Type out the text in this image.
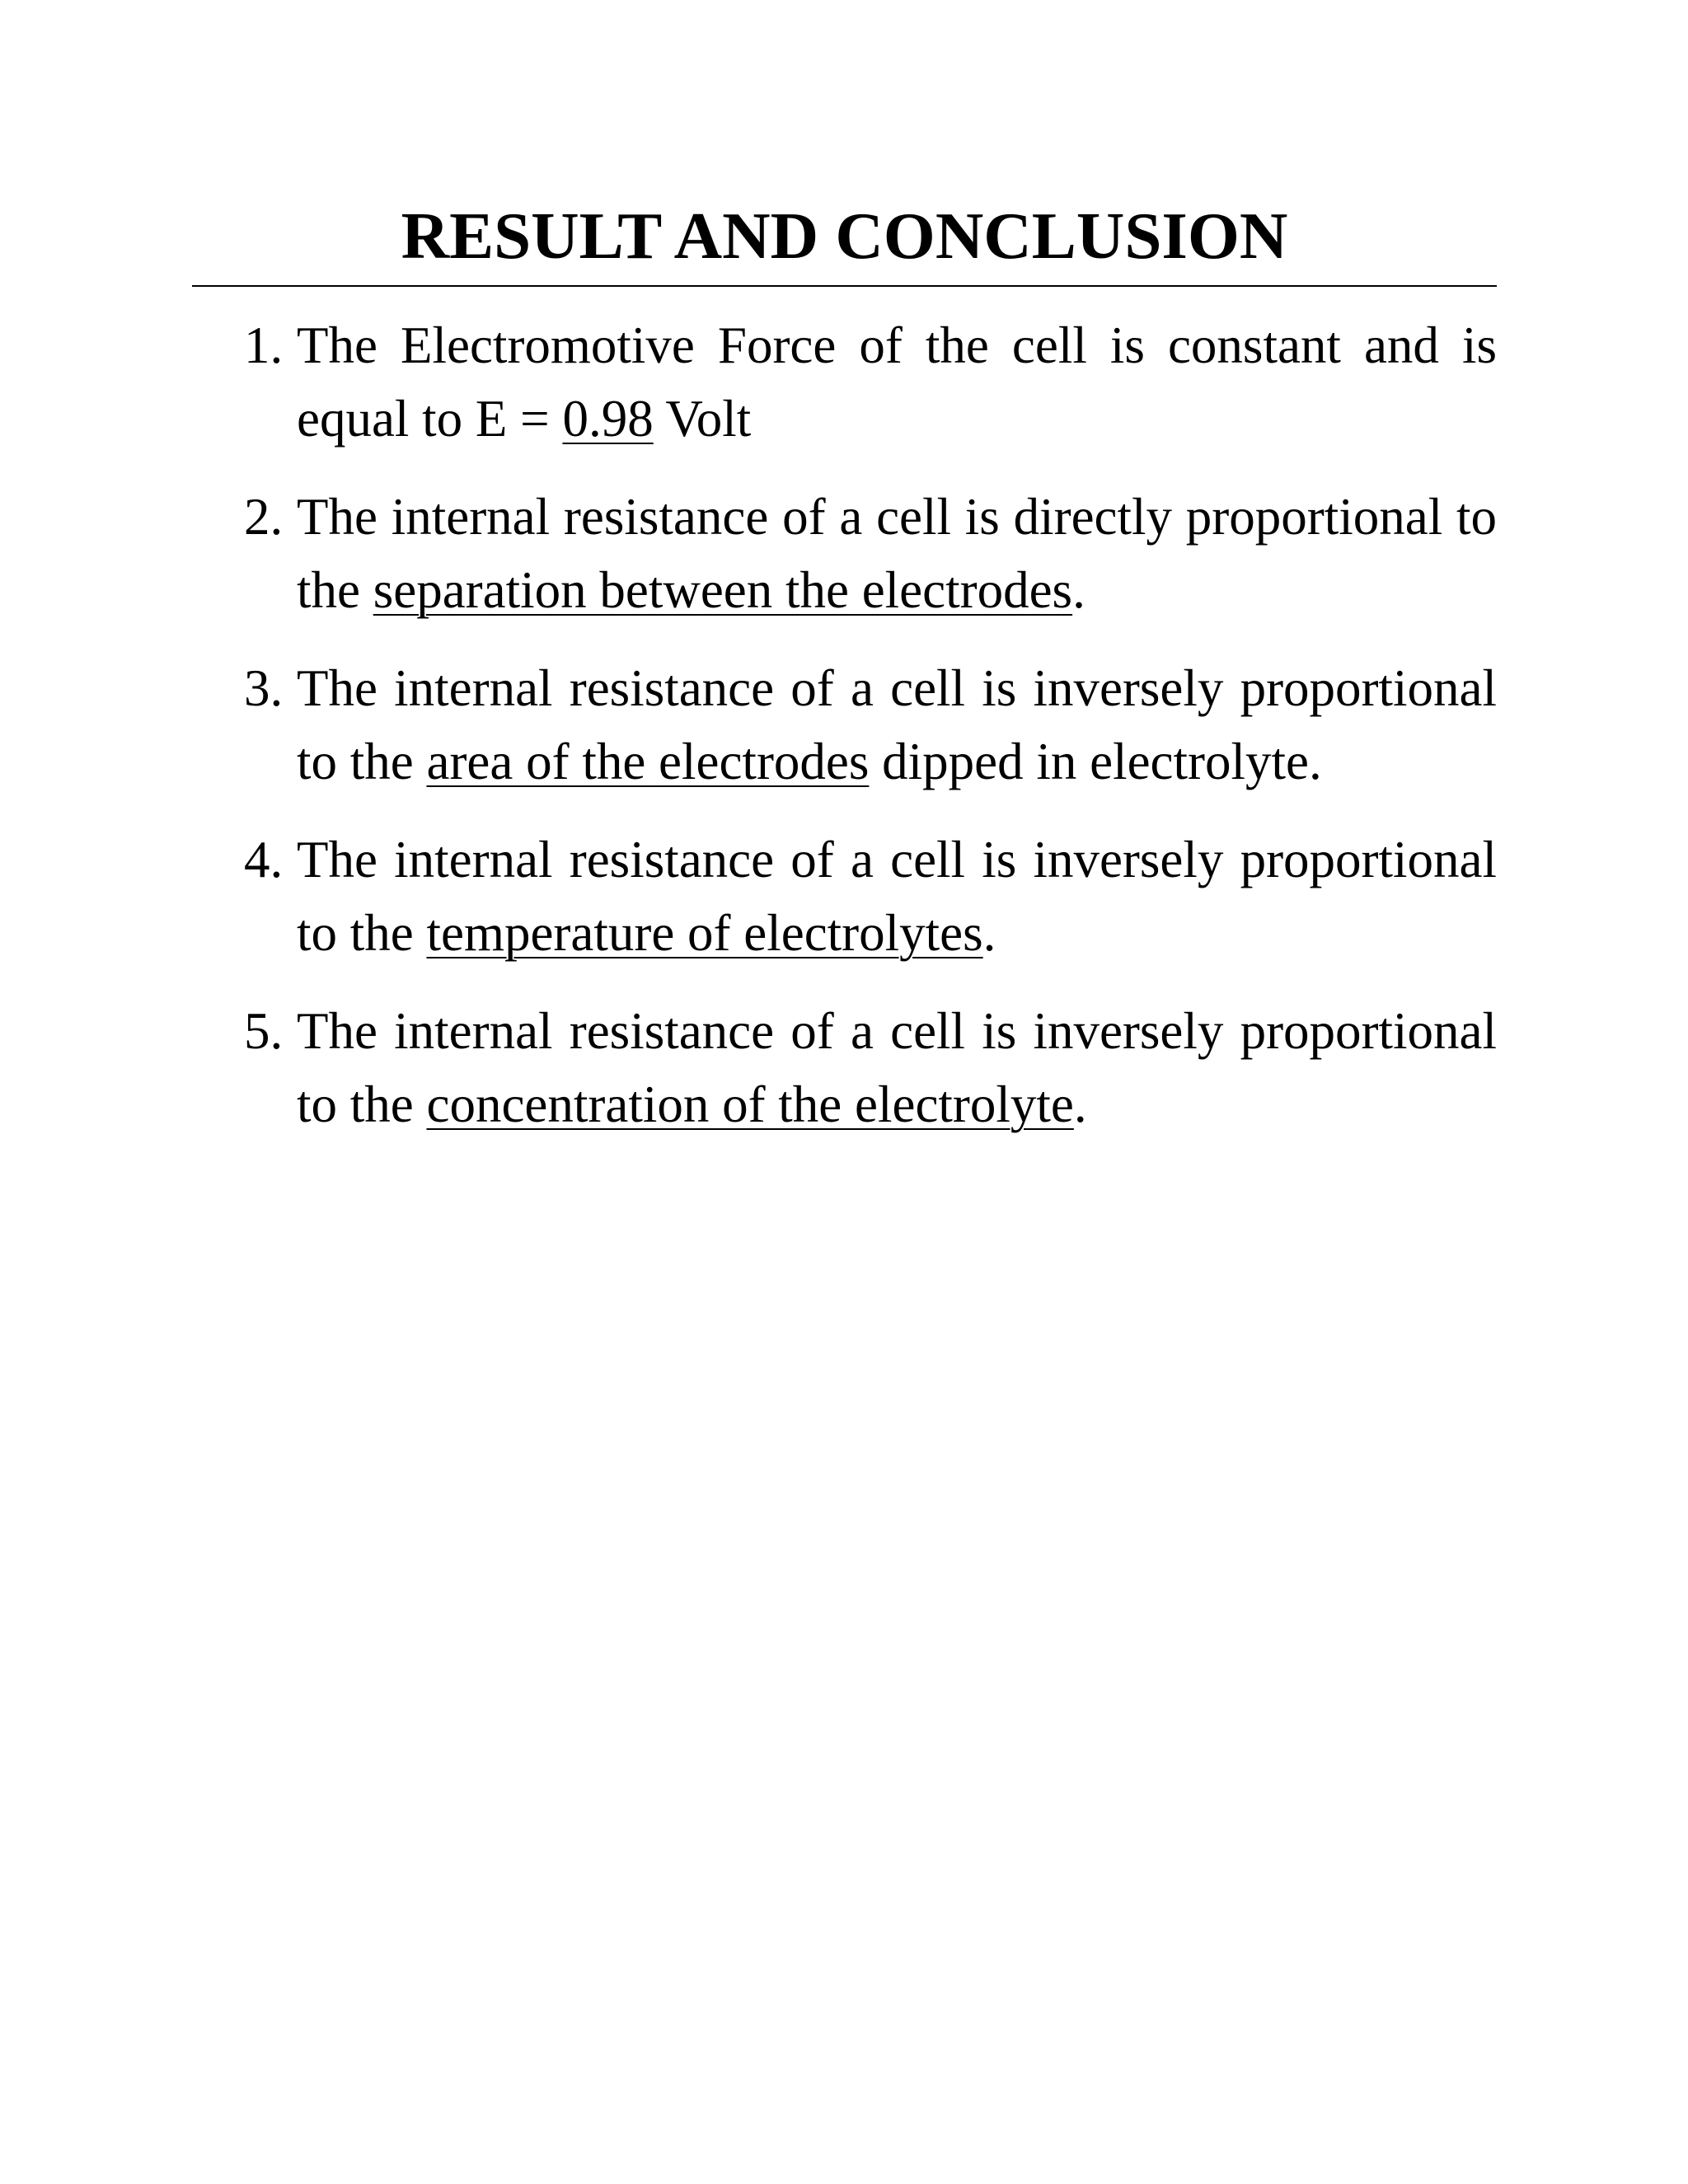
RESULT AND CONCLUSION
1. The Electromotive Force of the cell is constant and is equal to E = 0.98 Volt
2. The internal resistance of a cell is directly proportional to the separation between the electrodes.
3. The internal resistance of a cell is inversely proportional to the area of the electrodes dipped in electrolyte.
4. The internal resistance of a cell is inversely proportional to the temperature of electrolytes.
5. The internal resistance of a cell is inversely proportional to the concentration of the electrolyte.
